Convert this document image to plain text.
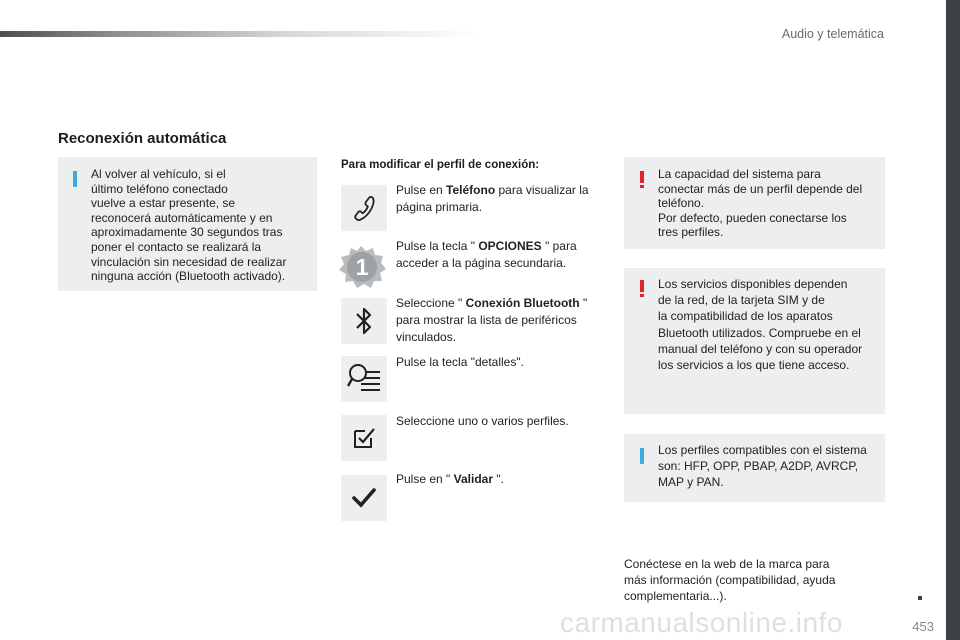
Audio y telemática
Reconexión automática
Al volver al vehículo, si el
último teléfono conectado
vuelve a estar presente, se
reconocerá automáticamente y en
aproximadamente 30 segundos tras
poner el contacto se realizará la
vinculación sin necesidad de realizar
ninguna acción (Bluetooth activado).
Para modificar el perfil de conexión:
Pulse en Teléfono para visualizar la página primaria.
1
Pulse la tecla " OPCIONES " para acceder a la página secundaria.
Seleccione " Conexión Bluetooth " para mostrar la lista de periféricos vinculados.
Pulse la tecla "detalles".
Seleccione uno o varios perfiles.
Pulse en " Validar ".
La capacidad del sistema para
conectar más de un perfil depende del
teléfono.
Por defecto, pueden conectarse los
tres perfiles.
Los servicios disponibles dependen
de la red, de la tarjeta SIM y de
la compatibilidad de los aparatos
Bluetooth utilizados. Compruebe en el
manual del teléfono y con su operador
los servicios a los que tiene acceso.
Los perfiles compatibles con el sistema
son: HFP, OPP, PBAP, A2DP, AVRCP,
MAP y PAN.
Conéctese en la web de la marca para
más información (compatibilidad, ayuda
complementaria...).
carmanualsonline.info	453
